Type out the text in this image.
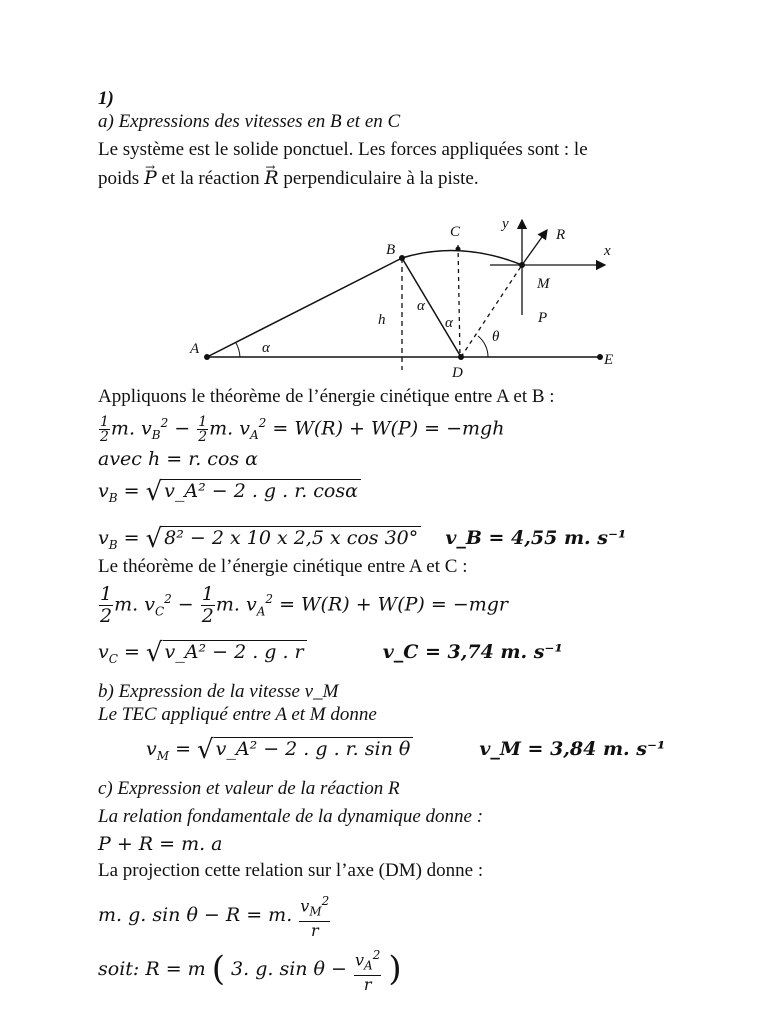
1)
a) Expressions des vitesses en B et en C
Le système est le solide ponctuel. Les forces appliquées sont : le
poids → P et la réaction → R perpendiculaire à la piste.
A
B
C
D
E
M
h
α
α
α
θ
x
y
R
P
Appliquons le théorème de l’énergie cinétique entre A et B :
$\frac{1}{2} m$. $v_B^2 - \frac{1}{2} m$. $v_A^2 = W(R) + W(P) = -mgh$
avec h = r. cos α
$v_B$ = √ v_A² − 2 . g . r. cosα
$v_B$ = √ 8² − 2 x 10 x 2,5 x cos 30° v_B = 4,55 m. s⁻¹
Le théorème de l’énergie cinétique entre A et C :
$\frac{1}{2} m$. $v_C^2 - \frac{1}{2} m$. $v_A^2 = W(R) + W(P) = -mgr$
$v_C$ = √ v_A² − 2 . g . r	v_C = 3,74 m. s⁻¹
b) Expression de la vitesse v_M
Le TEC appliqué entre A et M donne
$v_M$ = √ v_A² − 2 . g . r. sin θ	v_M = 3,84 m. s⁻¹
c) Expression et valeur de la réaction R
La relation fondamentale de la dynamique donne :
P + R = m. a
La projection cette relation sur l’axe (DM) donne :
m. g. sin θ − R = m. $\frac{v_M^2}{r}$
soit: R = m ( 3. g. $\sin \theta - \frac{v_A^2}{r}$ )
